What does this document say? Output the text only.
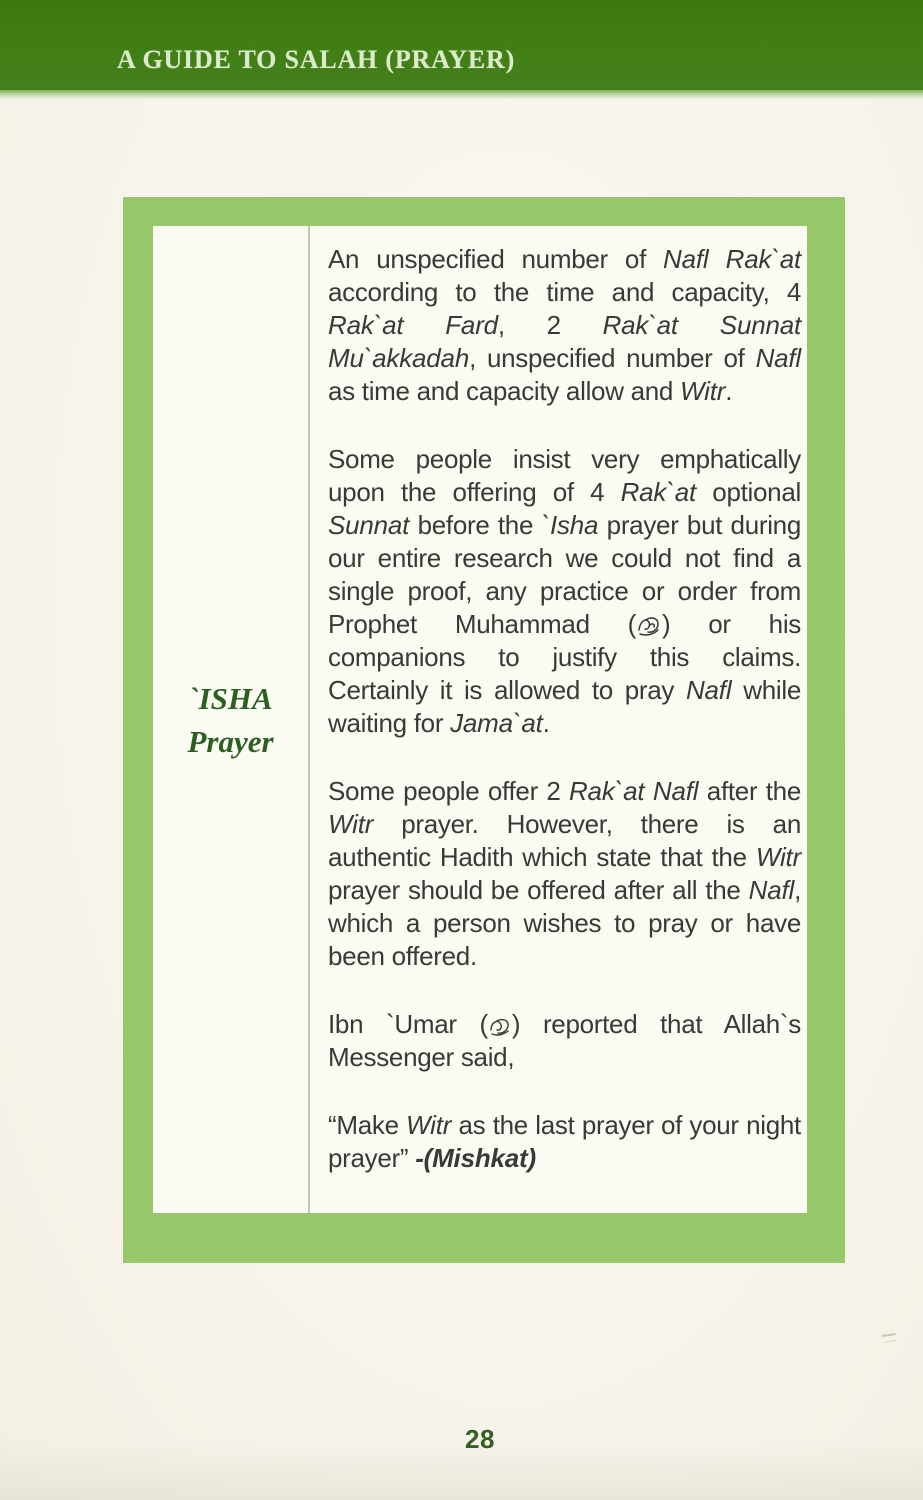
A GUIDE TO SALAH (PRAYER)
`ISHA
Prayer

An unspecified number of Nafl Rak`at according to the time and capacity, 4 Rak`at Fard, 2 Rak`at Sunnat Mu`akkadah, unspecified number of Nafl as time and capacity allow and Witr.

Some people insist very emphatically upon the offering of 4 Rak`at optional Sunnat before the `Isha prayer but during our entire research we could not find a single proof, any practice or order from Prophet Muhammad ( ) or his companions to justify this claims. Certainly it is allowed to pray Nafl while waiting for Jama`at.

Some people offer 2 Rak`at Nafl after the Witr prayer. However, there is an authentic Hadith which state that the Witr prayer should be offered after all the Nafl, which a person wishes to pray or have been offered.

Ibn `Umar ( ) reported that Allah`s Messenger said,

“Make Witr as the last prayer of your night prayer” -(Mishkat)

28
